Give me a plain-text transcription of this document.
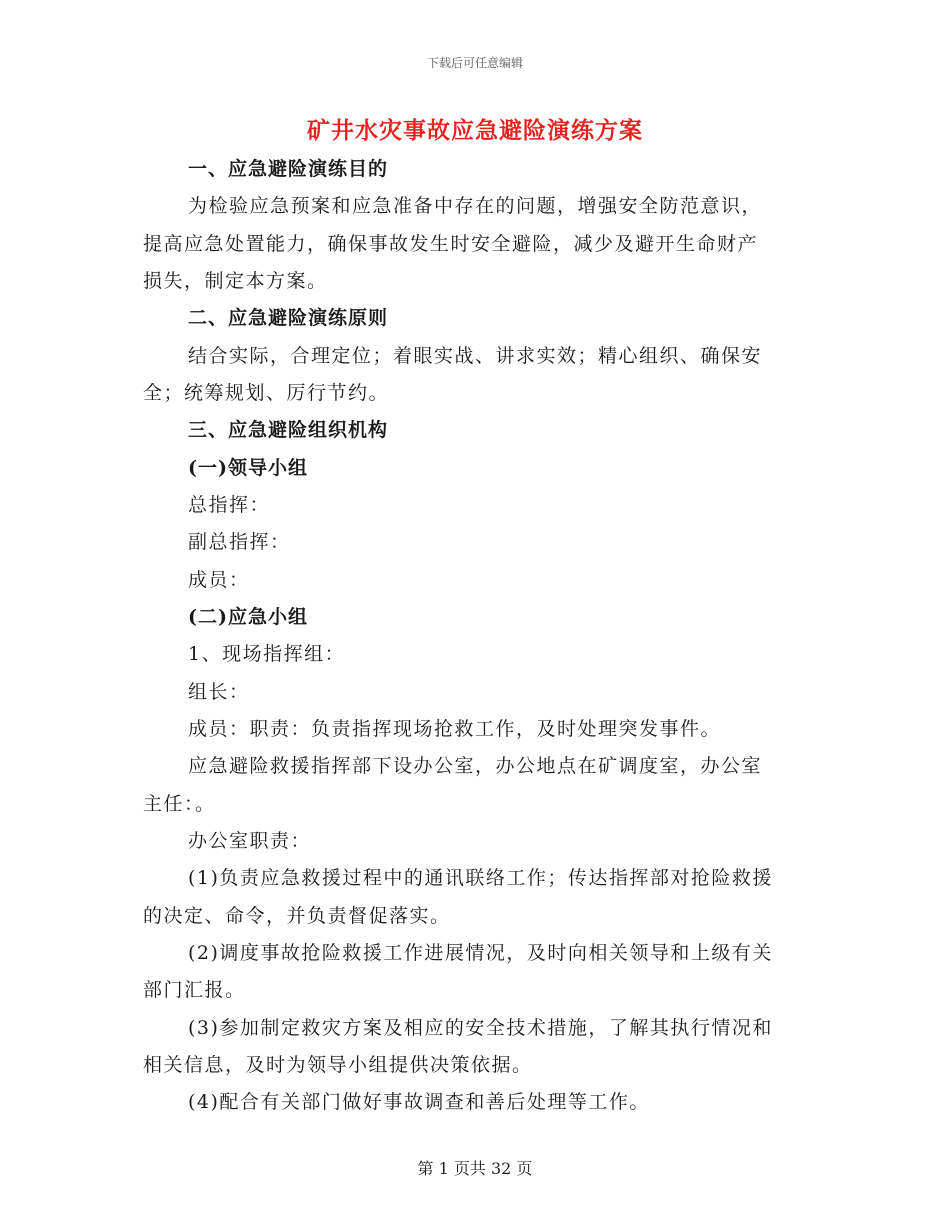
下载后可任意编辑
矿井水灾事故应急避险演练方案
一、应急避险演练目的
为检验应急预案和应急准备中存在的问题，增强安全防范意识，
提高应急处置能力，确保事故发生时安全避险，减少及避开生命财产
损失，制定本方案。
二、应急避险演练原则
结合实际，合理定位；着眼实战、讲求实效；精心组织、确保安
全；统筹规划、厉行节约。
三、应急避险组织机构
(一)领导小组
总指挥：
副总指挥：
成员：
(二)应急小组
1、现场指挥组：
组长：
成员：职责：负责指挥现场抢救工作，及时处理突发事件。
应急避险救援指挥部下设办公室，办公地点在矿调度室，办公室
主任：。
办公室职责：
(1)负责应急救援过程中的通讯联络工作；传达指挥部对抢险救援
的决定、命令，并负责督促落实。
(2)调度事故抢险救援工作进展情况，及时向相关领导和上级有关
部门汇报。
(3)参加制定救灾方案及相应的安全技术措施，了解其执行情况和
相关信息，及时为领导小组提供决策依据。
(4)配合有关部门做好事故调查和善后处理等工作。
第 1 页共 32 页
